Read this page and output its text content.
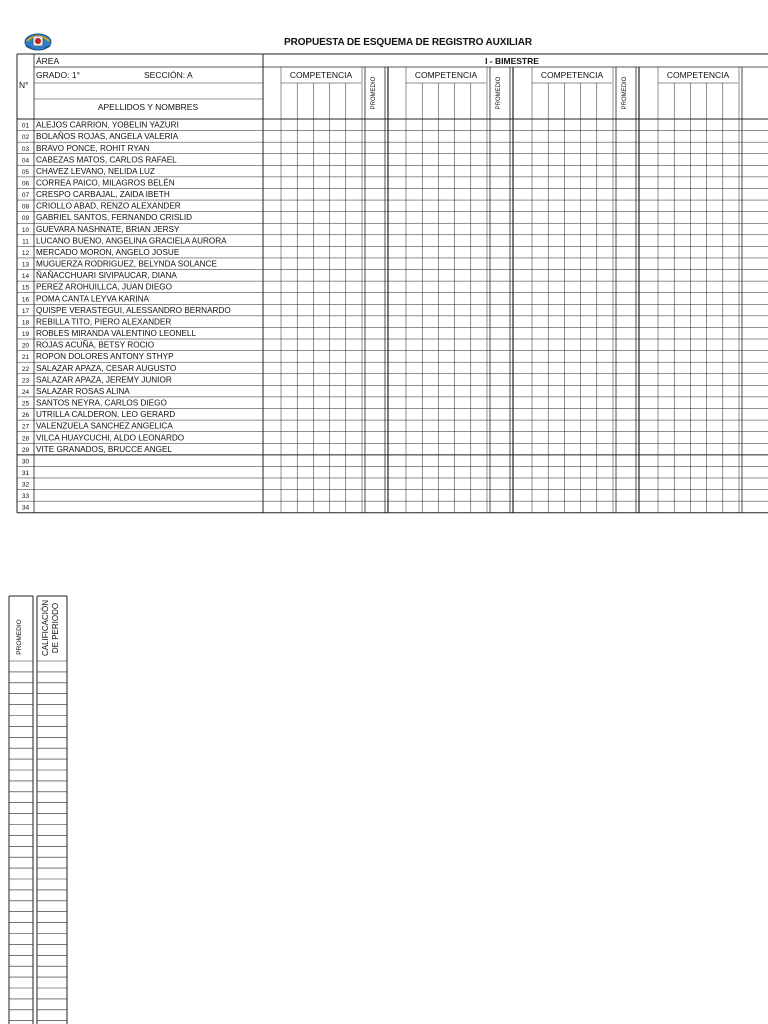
PROPUESTA DE ESQUEMA DE REGISTRO AUXILIAR
ÁREA
GRADO: 1°	SECCIÓN: A
N°
APELLIDOS Y NOMBRES
I - BIMESTRE
COMPETENCIA
PROMEDIO
COMPETENCIA
PROMEDIO
COMPETENCIA
PROMEDIO
COMPETENCIA
01 ALEJOS CARRION, YOBELIN YAZURI
02 BOLAÑOS ROJAS, ANGELA VALERIA
03 BRAVO PONCE, ROHIT RYAN
04 CABEZAS MATOS, CARLOS RAFAEL
05 CHAVEZ LEVANO, NELIDA LUZ
06 CORREA PAICO, MILAGROS BELÉN
07 CRESPO CARBAJAL, ZAIDA IBETH
08 CRIOLLO ABAD, RENZO ALEXANDER
09 GABRIEL SANTOS, FERNANDO CRISLID
10 GUEVARA NASHNATE, BRIAN JERSY
11 LUCANO BUENO, ANGELINA GRACIELA AURORA
12 MERCADO MORON, ANGELO JOSUE
13 MUGUERZA RODRIGUEZ, BELYNDA SOLANCE
14 ÑAÑACCHUARI SIVIPAUCAR, DIANA
15 PEREZ AROHUILLCA, JUAN DIEGO
16 POMA CANTA LEYVA KARINA
17 QUISPE VERASTEGUI, ALESSANDRO BERNARDO
18 REBILLA TITO, PIERO ALEXANDER
19 ROBLES MIRANDA VALENTINO LEONELL
20 ROJAS ACUÑA, BETSY ROCIO
21 ROPON DOLORES ANTONY STHYP
22 SALAZAR APAZA, CESAR AUGUSTO
23 SALAZAR APAZA, JEREMY JUNIOR
24 SALAZAR ROSAS ALINA
25 SANTOS NEYRA, CARLOS DIEGO
26 UTRILLA CALDERON, LEO GERARD
27 VALENZUELA SANCHEZ ANGELICA
28 VILCA HUAYCUCHI, ALDO LEONARDO
29 VITE GRANADOS, BRUCCE ANGEL
30
31
32
33
34
PROMEDIO CALIFICACIÓN DE PERIODO
